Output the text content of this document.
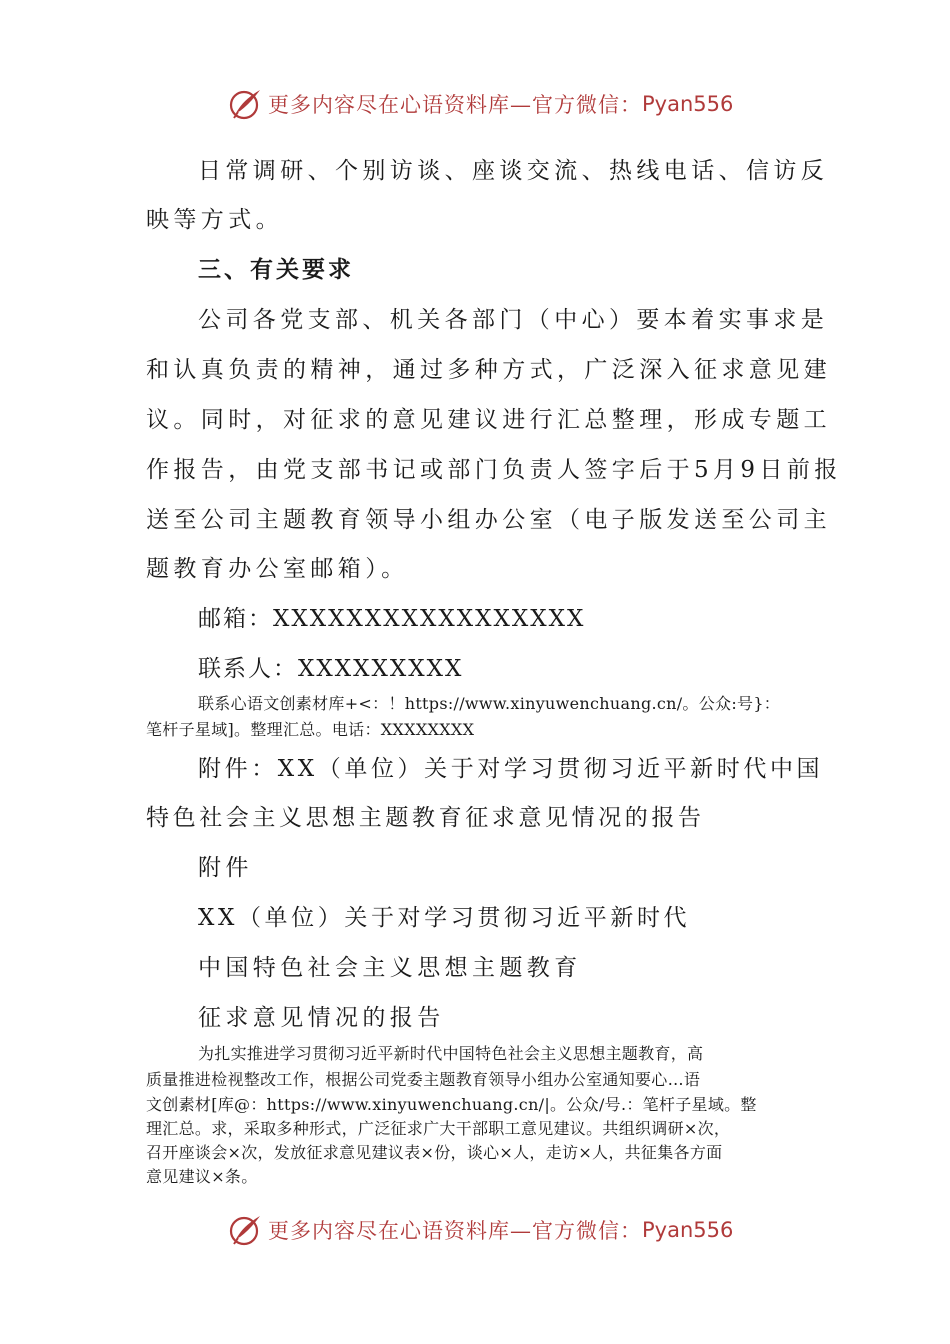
更多内容尽在心语资料库—官方微信： Pyan556
日常调研、个别访谈、座谈交流、热线电话、信访反
映等方式。
三、有关要求
公司各党支部、机关各部门（中心）要本着实事求是
和认真负责的精神，通过多种方式，广泛深入征求意见建
议。同时，对征求的意见建议进行汇总整理，形成专题工
作报告，由党支部书记或部门负责人签字后于5月9日前报
送至公司主题教育领导小组办公室（电子版发送至公司主
题教育办公室邮箱）。
邮箱：XXXXXXXXXXXXXXXXX
联系人：XXXXXXXXX
联系心语文创素材库+<：！https://www.xinyuwenchuang.cn/。公众:号}：
笔杆子星域]。整理汇总。电话：XXXXXXXX
附件：XX（单位）关于对学习贯彻习近平新时代中国
特色社会主义思想主题教育征求意见情况的报告
附件
XX（单位）关于对学习贯彻习近平新时代
中国特色社会主义思想主题教育
征求意见情况的报告
为扎实推进学习贯彻习近平新时代中国特色社会主义思想主题教育，高
质量推进检视整改工作，根据公司党委主题教育领导小组办公室通知要心…语
文创素材[库@：https://www.xinyuwenchuang.cn/|。公众/号.：笔杆子星域。整
理汇总。求，采取多种形式，广泛征求广大干部职工意见建议。共组织调研×次，
召开座谈会×次，发放征求意见建议表×份，谈心×人，走访×人，共征集各方面
意见建议×条。
更多内容尽在心语资料库—官方微信： Pyan556
